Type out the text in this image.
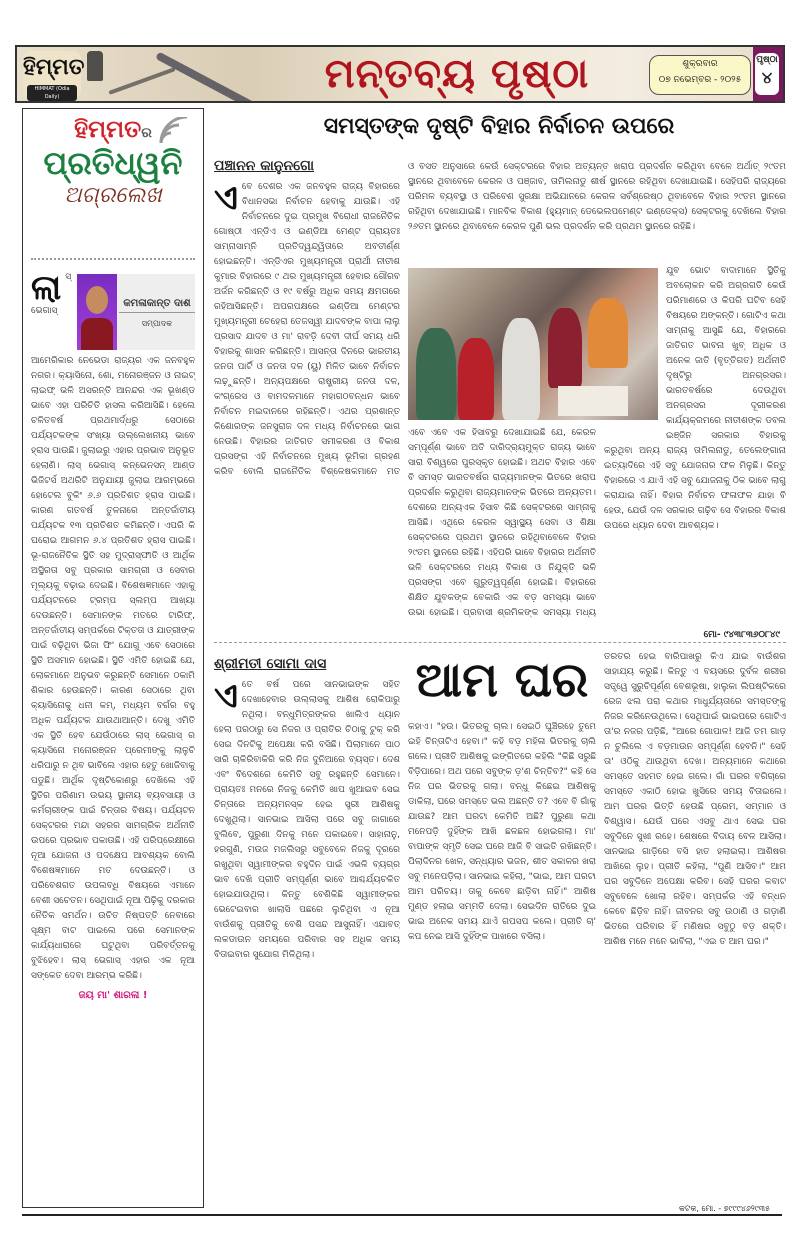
ହିମ୍ମତ
HIMMAT (Odia Daily)	ମନ୍ତବ୍ୟ ପୃଷ୍ଠା	ଶୁକ୍ରବାର
୦୭ ନଭେମ୍ବର - ୨୦୨୫
ପୃଷ୍ଠା
୪
ହିମ୍ମତର
ପ୍ରତିଧ୍ୱନି
ଅଗ୍ରଲେଖ
ଲା	କମଳାକାନ୍ତ ଦାଶ
ସମ୍ପାଦକ
ସ୍ ଭେଗାସ୍ ଆମେରିକାର ନେଭେଡା ରାଜ୍ୟର ଏକ ଜନବହୁଳ ନଗର। କ୍ୟାସିନୋ, ଶୋ, ମନୋରଞ୍ଜନ ଓ ନାଇଟ୍ ଲାଇଫ୍ ଭଳି ଅସରନ୍ତି ଆନନ୍ଦର ଏକ ଭୂଖଣ୍ଡ ଭାବେ ଏହା ପରିଚିତି ହାସଲ କରିଆସିଛି। ହେଲେ ଚଳିତବର୍ଷ ପ୍ରଥମାର୍ଦ୍ଧରୁ ସେଠାରେ ପର୍ଯ୍ୟଟକଙ୍କ ସଂଖ୍ୟା ଉଲ୍ଲେଖନୀୟ ଭାବେ ହ୍ରାସ ପାଉଛି। ଜୁଲାଇରୁ ଏହାର ପ୍ରଭାବ ଅନୁଭୂତ ହେଲାଣି। ଲାସ୍ ଭେଗାସ୍ କନ୍ଭେନସନ୍ ଆଣ୍ଡ ଭିଜିଟର୍ସ ଅଥରିଟି ଅନୁଯାୟୀ ଜୁଲାଇ ଆରମ୍ଭରେ ହୋଟେଲ ବୁକିଂ ୬.୬ ପ୍ରତିଶତ ହ୍ରାସ ପାଇଛି। କାରଣ ଗତବର୍ଷ ତୁଳନାରେ ଅନ୍ତର୍ଜାତୀୟ ପର୍ଯ୍ୟଟକ ୧୩ ପ୍ରତିଶତ କମିଛନ୍ତି। ଏପରି କି ଘରୋଇ ଆଗମନ ୬.୪ ପ୍ରତିଶତ ହ୍ରାସ ପାଇଛି। ଭୂ-ରାଜନୈତିକ ସ୍ଥିତି ସହ ମୁଦ୍ରାସ୍ଫୀତି ଓ ଆର୍ଥିକ ଅସ୍ଥିରତା ସବୁ ପ୍ରକାର ସାମଗ୍ରୀ ଓ ସେବାର ମୂଲ୍ୟକୁ ବଢ଼ାଇ ଦେଇଛି। ବିଶେଷଜ୍ଞମାନେ ଏହାକୁ ପର୍ଯ୍ୟଟନରେ ଟ୍ରମ୍ପ ସ୍ଲମ୍ପ ଆଖ୍ୟା ଦେଉଛନ୍ତି। ସେମାନଙ୍କ ମତରେ ଟାରିଫ୍, ଅନ୍ତର୍ଜାତୀୟ ସମ୍ପର୍କରେ ଟିକ୍ତତା ଓ ଯାତ୍ରୀଙ୍କ ପାଇଁ ବଢ଼ିଥିବା ଭିଜା ଫି' ଯୋଗୁ ଏବେ ସେଠାରେ ସ୍ଥିତି ଅସମାନ ହୋଇଛି। ସ୍ଥିତି ଏମିତି ହୋଇଛି ଯେ, ଲୋକମାନେ ଅନୁଭବ କରୁଛନ୍ତି ସେମାନେ ଠକାମି ଶିକାର ହେଉଛନ୍ତି। କାରଣ ସେଠାରେ ଥିବା କ୍ୟାସିନୋକୁ ଧନୀ କମ୍, ମଧ୍ୟମ ବର୍ଗର ବହୁ ଅଧିକ ପର୍ଯ୍ୟଟକ ଯାଉଥାଆନ୍ତି। ଦେଖୁ ଏମିତି ଏକ ସ୍ଥିତି ହେବ ଯେଉଁଠାରେ ଲାସ୍ ଭେଗାସ୍ ର କ୍ୟାସିନୋ ମନୋରଞ୍ଜନ ପ୍ରେମୀଙ୍କୁ ଲାଳୁଚି ଧରିପାରୁ ନ ଥିବ ଭାବିଲେ ଏହାର ହେତୁ ଖୋଜିବାକୁ ପଡୁଛି। ଆର୍ଥିକ ଦୃଷ୍ଟିକୋଣରୁ ଦେଖିଲେ ଏହି ସ୍ଥିତିର ପରିଣାମ ଉଭୟ ସ୍ଥାନୀୟ ବ୍ୟବସାୟୀ ଓ କର୍ମଚାରୀଙ୍କ ପାଇଁ ଚିନ୍ତାର ବିଷୟ। ପର୍ଯ୍ୟଟନ ସେକ୍ଟରର ମନ୍ଦା ସହରର ସାମଗ୍ରିକ ଅର୍ଥନୀତି ଉପରେ ପ୍ରଭାବ ପକାଉଛି। ଏହି ପରିପ୍ରେକ୍ଷୀରେ ନୂଆ ଯୋଜନା ଓ ପଦକ୍ଷେପ ଆବଶ୍ୟକ ବୋଲି ବିଶେଷଜ୍ଞମାନେ ମତ ଦେଉଛନ୍ତି। ଓ ପରିବେଶଗତ ଉପଲବ୍ଧି ବିଷୟରେ ଏମାନେ ବେଶୀ ସଚେତନ। ସେଥିପାଇଁ ନୂଆ ପିଢ଼ିକୁ ଦରକାର ନୈତିକ ସମର୍ଥନ। ଉଚିତ ନିଷ୍ପତ୍ତି ନେବାରେ ସୂକ୍ଷ୍ମ ବାଟ ପାଇଲେ ପରେ ସେମାନଙ୍କ କାର୍ଯ୍ୟଧାରାରେ ଘଟୁଥିବା ପରିବର୍ତ୍ତନକୁ ବୁଝିହେବ। ଲାସ୍ ଭେଗାସ୍ ଏହାର ଏକ ନୂଆ ସଙ୍କେତ ଦେବା ଆରମ୍ଭ କରିଛି।
ଜୟ ମା' ଶାରଳା !
ସମସ୍ତଙ୍କ ଦୃଷ୍ଟି ବିହାର ନିର୍ବାଚନ ଉପରେ
ପଞ୍ଚାନନ କାନୁନଗୋ
ଏ ବେ ଦେଶର ଏକ ଜନବହୁଳ ରାଜ୍ୟ ବିହାରରେ ବିଧାନସଭା ନିର୍ବାଚନ ହେବାକୁ ଯାଉଛି। ଏହି ନିର୍ବାଚନରେ ଦୁଇ ପ୍ରମୁଖ ବିରୋଧୀ ରାଜନୈତିକ ଗୋଷ୍ଠୀ ଏନ୍ଡିଏ ଓ ଇଣ୍ଡିଆ ମେଣ୍ଟ ପ୍ରାୟତଃ ସାମ୍ନାସାମ୍ନି ପ୍ରତିଦ୍ୱନ୍ଦ୍ୱିତାରେ ଅବତୀର୍ଣ୍ଣ ହୋଇଛନ୍ତି। ଏନ୍ଡିଏର ମୁଖ୍ୟମନ୍ତ୍ରୀ ପ୍ରାର୍ଥୀ ନୀତୀଶ କୁମାର ବିହାରରେ ୯ ଥର ମୁଖ୍ୟମନ୍ତ୍ରୀ ହେବାର ଗୌରବ ଅର୍ଜନ କରିଛନ୍ତି ଓ ୧୯ ବର୍ଷରୁ ଅଧିକ ସମୟ କ୍ଷମତାରେ ରହିଆସିଛନ୍ତି। ଅପରପକ୍ଷରେ ଇଣ୍ଡିଆ ମେଣ୍ଟର ମୁଖ୍ୟମନ୍ତ୍ରୀ ଚେହେରା ତେଜସ୍ୱୀ ଯାଦବଙ୍କ ବାପା ଲାଲୁ ପ୍ରସାଦ ଯାଦବ ଓ ମା' ରାବଡ଼ି ଦେବୀ ଦୀର୍ଘ ସମୟ ଧରି ବିହାରକୁ ଶାସନ କରିଛନ୍ତି। ଆସନ୍ତା ଦିନରେ ଭାରତୀୟ ଜନତା ପାର୍ଟି ଓ ଜନତା ଦଳ (ୟୁ) ମିଳିତ ଭାବେ ନିର୍ବାଚନ ଲଢ଼ୁଛନ୍ତି। ଅନ୍ୟପକ୍ଷରେ ରାଷ୍ଟ୍ରୀୟ ଜନତା ଦଳ, କଂଗ୍ରେସ ଓ ବାମଦଳମାନେ ମହାଗଠବନ୍ଧନ ଭାବେ ନିର୍ବାଚନ ମଇଦାନରେ ରହିଛନ୍ତି। ଏଥର ପ୍ରଶାନ୍ତ କିଶୋରଙ୍କ ଜନସୁରାଜ ଦଳ ମଧ୍ୟ ନିର୍ବାଚନରେ ଭାଗ ନେଉଛି। ବିହାରର ଜାତିଗତ ସମୀକରଣ ଓ ବିକାଶ ପ୍ରସଙ୍ଗ ଏହି ନିର୍ବାଚନରେ ମୁଖ୍ୟ ଭୂମିକା ଗ୍ରହଣ କରିବ ବୋଲି ରାଜନୈତିକ ବିଶ୍ଳେଷକମାନେ ମତ
ଓ ବସତ ଅନୁସାରେ କେଉଁ ସେକ୍ଟରରେ ବିହାର ଅତ୍ୟନ୍ତ ଖରାପ ପ୍ରଦର୍ଶନ କରିଥିବା ବେଳେ ଅର୍ଥାତ୍ ୨୯ତମ ସ୍ଥାନରେ ଥିବାବେଳେ କେରଳ ଓ ପଞ୍ଜାବ, ତାମିଲନାଡୁ ଶୀର୍ଷ ସ୍ଥାନରେ ରହିଥିବା ଦେଖାଯାଇଛି। ସେହିପରି ରାଜ୍ୟରେ ପରିମଳ ବ୍ୟବସ୍ଥା ଓ ପରିବେଶ ସୁରକ୍ଷା ଅଭିଯାନରେ କେରଳ ସର୍ବଶ୍ରେଷ୍ଠ ଥିବାବେଳେ ବିହାର ୨୯ତମ ସ୍ଥାନରେ ରହିଥିବା ଦେଖାଯାଇଛି। ମାନବିକ ବିକାଶ (ହ୍ୟୁମାନ୍ ଡେଭେଲପମେଣ୍ଟ ଇଣ୍ଡେକ୍ସ) ସେକ୍ଟରକୁ ଦେଖିଲେ ବିହାର ୨୬ତମ ସ୍ଥାନରେ ଥିବାବେଳେ କେରଳ ପୁଣି ଭଲ ପ୍ରଦର୍ଶନ କରି ପ୍ରଥମ ସ୍ଥାନରେ ରହିଛି।
ଯୁବ ଭୋଟ ବାଦାମାନେ ସ୍ଥିତିକୁ ଅବଲୋକନ କରି ଅଗ୍ରଗତି କେଉଁ ପରିମାଣରେ ଓ କିପରି ଘଟିବ ସେହି ବିଷୟରେ ଅଙ୍କନ୍ତି। ଗୋଟିଏ କଥା ସାମ୍ନାକୁ ଆସୁଛି ଯେ, ବିହାରରେ ଜାତିଗତ ଭାବନା ଖୁବ୍ ଅଧିକ ଓ ଅନେକ ଜାତି (ବୃତ୍ତିଗତ) ଅର୍ଥନୀତି ଦୃଷ୍ଟିରୁ ଅନଗ୍ରସର। ଭାରତବର୍ଷରେ ଦେଉଥିବା ଅନଗ୍ରସର ଦୂରୀକରଣ କାର୍ଯ୍ୟକ୍ରମରେ ନୀତୀଶଙ୍କ ଡବଲ ଇଞ୍ଜିନ ସରକାର ବିହାରକୁ
ଏବେ ଏବେ ଏକ ହିସାବରୁ ଦେଖାଯାଇଛି ଯେ, କେରଳ ସମ୍ପୂର୍ଣ୍ଣ ଭାବେ ଅତି ଦାରିଦ୍ର୍ୟମୁକ୍ତ ରାଜ୍ୟ ଭାବେ ସାରା ବିଶ୍ୱରେ ପୁରସ୍କୃତ ହୋଇଛି। ଅଥଚ ବିହାର ଏବେ ବି ସମସ୍ତ ଭାରତବର୍ଷର ରାଜ୍ୟମାନଙ୍କ ଭିତରେ ଖରାପ ପ୍ରଦର୍ଶନ କରୁଥିବା ରାଜ୍ୟମାନଙ୍କ ଭିତରେ ଅନ୍ୟତମ। ଦେଶରେ ଅନ୍ୟଏକ ହିସାବ କିଛି ସେକ୍ଟରରେ ସାମ୍ନାକୁ ଆସିଛି। ଏଥିରେ କେରଳ ସ୍ୱାସ୍ଥ୍ୟ ସେବା ଓ ଶିକ୍ଷା ସେକ୍ଟରରେ ପ୍ରଥମ ସ୍ଥାନରେ ରହିଥିବାବେଳେ ବିହାର ୨୯ତମ ସ୍ଥାନରେ ରହିଛି। ଏହିପରି ଭାବେ ବିହାରର ଅର୍ଥନୀତି ଭଳି ସେକ୍ଟରରେ ମଧ୍ୟ ବିକାଶ ଓ ନିଯୁକ୍ତି ଭଳି ପ୍ରସଙ୍ଗ ଏବେ ଗୁରୁତ୍ୱପୂର୍ଣ୍ଣ ହୋଇଛି। ବିହାରରେ ଶିକ୍ଷିତ ଯୁବକଙ୍କ ବେକାରି ଏକ ବଡ଼ ସମସ୍ୟା ଭାବେ ଉଭା ହୋଇଛି। ପ୍ରବାସୀ ଶ୍ରମିକଙ୍କ ସମସ୍ୟା ମଧ୍ୟ
କରୁଥିବା ଅନ୍ୟ ରାଜ୍ୟ ତାମିଲନାଡୁ, ତେଲେଙ୍ଗାନା ଇତ୍ୟାଦିରେ ଏହି ସବୁ ଯୋଜନାର ଫଳ ମିଳୁଛି। କିନ୍ତୁ ବିହାରରେ ଏ ଯାଏଁ ଏହି ସବୁ ଯୋଜନାକୁ ଠିକ ଭାବେ ଲାଗୁ କରାଯାଇ ନାହିଁ। ବିହାର ନିର୍ବାଚନ ଫଳାଫଳ ଯାହା ବି ହେଉ, ଯେଉଁ ଦଳ ସରକାର ଗଢ଼ିବ ସେ ବିହାରର ବିକାଶ ଉପରେ ଧ୍ୟାନ ଦେବା ଆବଶ୍ୟକ।
ମୋ- ୯୪୩୮୩୬୦୮୪୯
ଶ୍ରୀମତୀ ସୋମା ଦାସ
ଏ ତେ ବର୍ଷ ପରେ ସାନଭାଇଙ୍କ ସହିତ ଦେଖାହେବାର ଉଲ୍ଲାସକୁ ଆଶିଷ ରୋକିପାରୁ ନଥିଲା। ବନ୍ଧୁମିତ୍ରଙ୍କର ଖାଲିଏ ଧ୍ୟାନ ହେଲା ପରଠାରୁ ସେ ନିଜର ଓ ପ୍ରାତିର ଚିଠାକୁ ଟୁକ୍ କରି ସେଇ ଦିନଟିକୁ ଅପେକ୍ଷା କରି ବସିଛି। ପିଲାମାନେ ପାଠ ସାରି ଚାକିରିବାକିରି କରି ନିଜ ଦୁନିଆରେ ବ୍ୟସ୍ତ। ଦେଶ ଏବଂ ବିଦେଶରେ କେମିତି ସବୁ ରହୁଛନ୍ତି ସେମାନେ। ପ୍ରାୟତଃ ମନରେ ନିଜକୁ କେମିତି ଖାପ ଖୁଆଇବ ସେଇ ଚିନ୍ତାରେ ଅନ୍ୟମନସ୍କ ହେଇ ସ୍ତ୍ରୀ ଆଶିଷକୁ ଦେଖୁଥିଲା। ସାନଭାଇ ଆସିଲା ପରେ ସବୁ ଜାଗାରେ ବୁଲିବେ, ପୁରୁଣା ଦିନକୁ ମନେ ପକାଇବେ। ସାହାନାନୁ, ହରଗୁଣି, ମଉଜ ମଜଲିସରୁ ସବୁବେଳେ ନିଜକୁ ଦୂରରେ ରଖୁଥିବା ସ୍ୱାମୀଙ୍କର ବହୁଦିନ ପାଇଁ ଏଭଳି ବ୍ୟଗ୍ର ଭାବ ଦେଖି ପ୍ରୀତି ସମ୍ପୂର୍ଣ୍ଣ ଭାବେ ଆଶ୍ଚର୍ଯ୍ୟଚକିତ ହୋଇଯାଉଥିଲା। କିନ୍ତୁ ବେଶିକିଛି ସ୍ୱାମୀଙ୍କର ଭେଟେଇବାର ଖାଲାସି ପଛରେ ଲୁଚିଥିବା ଏ ନୂଆ ବାଉଁଶକୁ ପ୍ରୀତିକୁ ବେଶି ପସନ୍ଦ ଆସୁନାହିଁ। ଏଯାବତ୍‌ ଲକଡାଉନ ସମୟରେ ପରିବାର ସହ ଅଧିକ ସମୟ ବିତାଇବାର ସୁଯୋଗ ମିଳିଥିଲା।
ଆମ ଘର
କହାଏ। "ହଉ। ଭିତରକୁ ଚାଲ। ସେଇଠି ଘୁଞ୍ଚିରହେ ତୁମେ ଇହି ଚିନ୍ତାଟିଏ ହେବା।" କହି ବଡ଼ ମହିଳା ଭିତରକୁ ଚାଲି ଗଲେ। ପ୍ରୀତି ଆଶିଷକୁ ଇଙ୍ଗିତରେ କହିଲି "କିଛି ସରୁଛି ବିଡ଼ିପାରେ। ଅଥ ପରେ ସବୁଙ୍କ ଡ଼'ଣ ଚିନ୍ତିବ?" କହି ସେ ନିଜ ଘର ଭିତରକୁ ଗଲା। ବନ୍ଧୁ କିଛେଇ ଆଶିଷକୁ ଡାକିଲା, ଘରେ ସମସ୍ତେ ଭଲ ଅଛନ୍ତି ତ? ଏବେ ବି ଗାଁକୁ ଯାଉଛ? ଆମ ଘରଟା କେମିତି ଅଛି? ପୁରୁଣା କଥା ମନେପଡ଼ି ଦୁହିଁଙ୍କ ଆଖି ଛଳଛଳ ହୋଇଗଲା। ମା' ବାପାଙ୍କ ସ୍ମୃତି ସେଇ ଘରେ ଆଜି ବି ସାଇତି ରଖିଛନ୍ତି। ପିଲାଦିନର ଖେଳ, ସନ୍ଧ୍ୟାର ଭଜନ, ଶୀତ ସକାଳର ଖରା ସବୁ ମନେପଡ଼ିଲା। ସାନଭାଇ କହିଲା, "ଭାଇ, ଆମ ଘରଟା ଆମ ପରିଚୟ। ତାକୁ କେବେ ଛାଡ଼ିବା ନାହିଁ।" ଆଶିଷ ମୁଣ୍ଡ ହଲାଇ ସମ୍ମତି ଦେଲା। ସେଇଦିନ ରାତିରେ ଦୁଇ ଭାଇ ଅନେକ ସମୟ ଯାଏଁ ଗପସପ କଲେ। ପ୍ରୀତି ଚା' କପ ନେଇ ଆସି ଦୁହିଁଙ୍କ ପାଖରେ ବସିଲା।
ତରତର ହେଇ ବାରିପାଖରୁ କିଏ ଯାଇ ବାଉଁଶର ସାହାଯ୍ୟ କରୁଛି। କିନ୍ତୁ ଏ ବୟସରେ ଦୁର୍ବଳ ଶରୀର ସତ୍ତ୍ୱେ ସୁରୁଚିପୂର୍ଣ୍ଣ ବେଶଭୂଷା, ହାଲୁକା ଲିପଷ୍ଟିକରେ ରେଜ ଝଲ ପରା କଥାର ମାଧୁର୍ଯ୍ୟତାରେ ସମସ୍ତଙ୍କୁ ନିଜର କରିନେଉଥିଲେ। ସେଥିପାଇଁ ଭାଇପରେ ଗୋଟିଏ ତା'ର ନଜର ପଡ଼ିଛି, "ଆରେ ଗୋପାଳ! ଆଜି ତମ ଗାଡ଼ ନ ଚୁଲିଲେ ଏ ବଡ଼ମାଉନ ସମ୍ପୂର୍ଣ୍ଣ ହେବନି।" ସେହି ତା' ଓଠିକୁ ଥାଉଥିବା ଦେଖ। ଅନ୍ୟମାନେ କଥାରେ ସମସ୍ତେ ସହମତ ହେଇ ଗଲେ। ଗାଁ ଘରର ବଗିଚାରେ ସମସ୍ତେ ଏକାଠି ହୋଇ ଖୁସିରେ ସମୟ ବିତାଇଲେ। ଆମ ଘରର ଭିତ୍ତି ହେଉଛି ପ୍ରେମ, ସମ୍ମାନ ଓ ବିଶ୍ୱାସ। ଯେଉଁ ଘରେ ଏସବୁ ଥାଏ ସେଇ ଘର ସବୁଦିନେ ସୁଖୀ ରହେ। ଶେଷରେ ବିଦାୟ ବେଳ ଆସିଲା। ସାନଭାଇ ଗାଡ଼ିରେ ବସି ହାତ ହଲାଇଲା। ଆଶିଷର ଆଖିରେ ଲୁହ। ପ୍ରୀତି କହିଲା, "ପୁଣି ଆସିବ।" ଆମ ଘର ସବୁଦିନେ ଅପେକ୍ଷା କରିବ। ସେହି ଘରର କବାଟ ସବୁବେଳେ ଖୋଲା ରହିବ। ସମ୍ପର୍କର ଏହି ବନ୍ଧନ କେବେ ଛିଡ଼ିବ ନାହିଁ। ଜୀବନର ସବୁ ଉଠାଣି ଓ ଗଡ଼ାଣି ଭିତରେ ପରିବାର ହିଁ ମଣିଷର ସବୁଠୁ ବଡ଼ ଶକ୍ତି। ଆଶିଷ ମନେ ମନେ ଭାବିଲା, "ଏଇ ତ ଆମ ଘର।"
କଟକ, ମୋ. - ୭୯୯୯୪୬୨୯୩୫
